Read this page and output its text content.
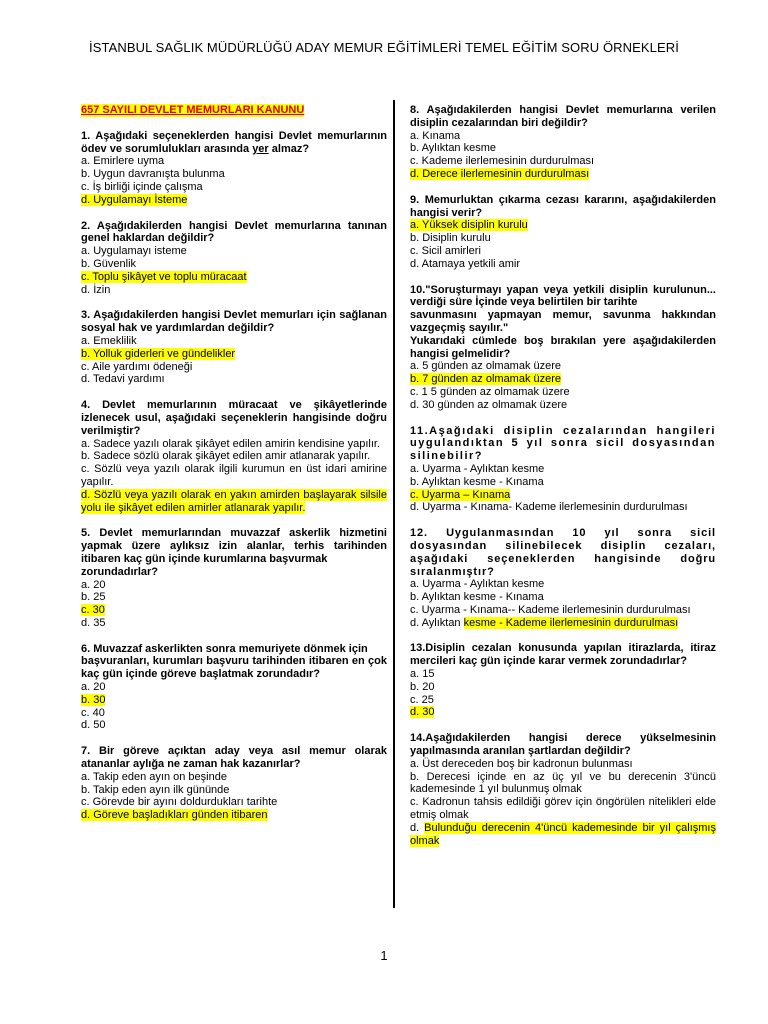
İSTANBUL SAĞLIK MÜDÜRLÜĞÜ ADAY MEMUR EĞİTİMLERİ TEMEL EĞİTİM SORU ÖRNEKLERİ
657 SAYILI DEVLET MEMURLARI KANUNU
1. Aşağıdaki seçeneklerden hangisi Devlet memurlarının ödev ve sorumlulukları arasında yer almaz?
a. Emirlere uyma
b. Uygun davranışta bulunma
c. İş birliği içinde çalışma
d. Uygulamayı İsteme
2. Aşağıdakilerden hangisi Devlet memurlarına tanınan genel haklardan değildir?
a. Uygulamayı isteme
b. Güvenlik
c. Toplu şikâyet ve toplu müracaat
d. İzin
3. Aşağıdakilerden hangisi Devlet memurları için sağlanan sosyal hak ve yardımlardan değildir?
a. Emeklilik
b. Yolluk giderleri ve gündelikler
c. Aile yardımı ödeneği
d. Tedavi yardımı
4. Devlet memurlarının müracaat ve şikâyetlerinde izlenecek usul, aşağıdaki seçeneklerin hangisinde doğru verilmiştir?
a. Sadece yazılı olarak şikâyet edilen amirin kendisine yapılır.
b. Sadece sözlü olarak şikâyet edilen amir atlanarak yapılır.
c. Sözlü veya yazılı olarak ilgili kurumun en üst idari amirine yapılır.
d. Sözlü veya yazılı olarak en yakın amirden başlayarak silsile yolu ile şikâyet edilen amirler atlanarak yapılır.
5. Devlet memurlarından muvazzaf askerlik hizmetini yapmak üzere aylıksız izin alanlar, terhis tarihinden itibaren kaç gün içinde kurumlarına başvurmak
zorundadırlar?
a. 20
b. 25
c. 30
d. 35
6. Muvazzaf askerlikten sonra memuriyete dönmek için
başvuranları, kurumları başvuru tarihinden itibaren en çok kaç gün içinde göreve başlatmak zorundadır?
a. 20
b. 30
c. 40
d. 50
7. Bir göreve açıktan aday veya asıl memur olarak atananlar aylığa ne zaman hak kazanırlar?
a. Takip eden ayın on beşinde
b. Takip eden ayın ilk gününde
c. Görevde bir ayını doldurdukları tarihte
d. Göreve başladıkları günden itibaren
8. Aşağıdakilerden hangisi Devlet memurlarına verilen disiplin cezalarından biri değildir?
a. Kınama
b. Aylıktan kesme
c. Kademe ilerlemesinin durdurulması
d. Derece ilerlemesinin durdurulması
9. Memurluktan çıkarma cezası kararını, aşağıdakilerden hangisi verir?
a. Yüksek disiplin kurulu
b. Disiplin kurulu
c. Sicil amirleri
d. Atamaya yetkili amir
10."Soruşturmayı yapan veya yetkili disiplin kurulunun... verdiği süre İçinde veya belirtilen bir tarihte
savunmasını yapmayan memur, savunma hakkından vazgeçmiş sayılır."
Yukarıdaki cümlede boş bırakılan yere aşağıdakilerden hangisi gelmelidir?
a. 5 günden az olmamak üzere
b. 7 günden az olmamak üzere
c. 1 5 günden az olmamak üzere
d. 30 günden az olmamak üzere
11.Aşağıdaki disiplin cezalarından hangileri uygulandıktan 5 yıl sonra sicil dosyasından silinebilir?
a. Uyarma - Aylıktan kesme
b. Aylıktan kesme - Kınama
c. Uyarma – Kınama
d. Uyarma - Kınama- Kademe ilerlemesinin durdurulması
12. Uygulanmasından 10 yıl sonra sicil dosyasından silinebilecek disiplin cezaları, aşağıdaki seçeneklerden hangisinde doğru sıralanmıştır?
a. Uyarma - Aylıktan kesme
b. Aylıktan kesme - Kınama
c. Uyarma - Kınama-- Kademe ilerlemesinin durdurulması
d. Aylıktan kesme - Kademe ilerlemesinin durdurulması
13.Disiplin cezalan konusunda yapılan itirazlarda, itiraz mercileri kaç gün içinde karar vermek zorundadırlar?
a. 15
b. 20
c. 25
d. 30
14.Aşağıdakilerden hangisi derece yükselmesinin yapılmasında aranılan şartlardan değildir?
a. Üst dereceden boş bir kadronun bulunması
b. Derecesi içinde en az üç yıl ve bu derecenin 3'üncü kademesinde 1 yıl bulunmuş olmak
c. Kadronun tahsis edildiği görev için öngörülen nitelikleri elde etmiş olmak
d. Bulunduğu derecenin 4'üncü kademesinde bir yıl çalışmış olmak
1
